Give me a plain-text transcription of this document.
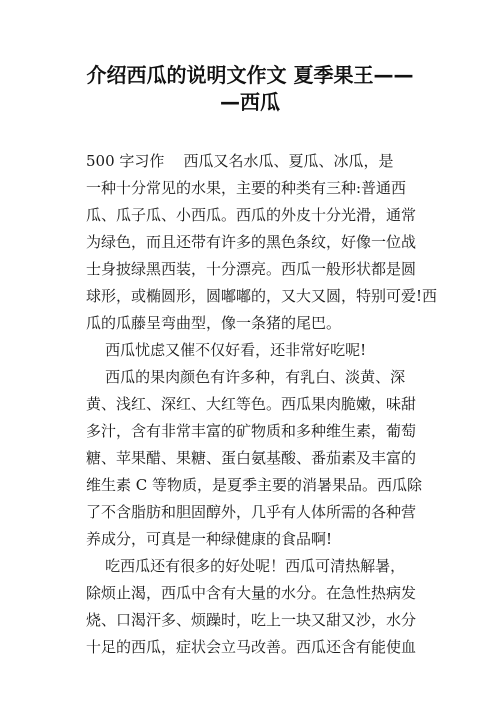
介绍西瓜的说明文作文 夏季果王——
—西瓜
500 字习作    西瓜又名水瓜、夏瓜、冰瓜，是
一种十分常见的水果，主要的种类有三种:普通西
瓜、瓜子瓜、小西瓜。西瓜的外皮十分光滑，通常
为绿色，而且还带有许多的黑色条纹，好像一位战
士身披绿黑西装，十分漂亮。西瓜一般形状都是圆
球形，或椭圆形，圆嘟嘟的，又大又圆，特别可爱!西
瓜的瓜藤呈弯曲型，像一条猪的尾巴。
西瓜忧虑又催不仅好看，还非常好吃呢!
西瓜的果肉颜色有许多种，有乳白、淡黄、深
黄、浅红、深红、大红等色。西瓜果肉脆嫩，味甜
多汁，含有非常丰富的矿物质和多种维生素，葡萄
糖、苹果醋、果糖、蛋白氨基酸、番茄素及丰富的
维生素 C 等物质，是夏季主要的消暑果品。西瓜除
了不含脂肪和胆固醇外，几乎有人体所需的各种营
养成分，可真是一种绿健康的食品啊!
吃西瓜还有很多的好处呢！西瓜可清热解暑，
除烦止渴，西瓜中含有大量的水分。在急性热病发
烧、口渴汗多、烦躁时，吃上一块又甜又沙，水分
十足的西瓜，症状会立马改善。西瓜还含有能使血
